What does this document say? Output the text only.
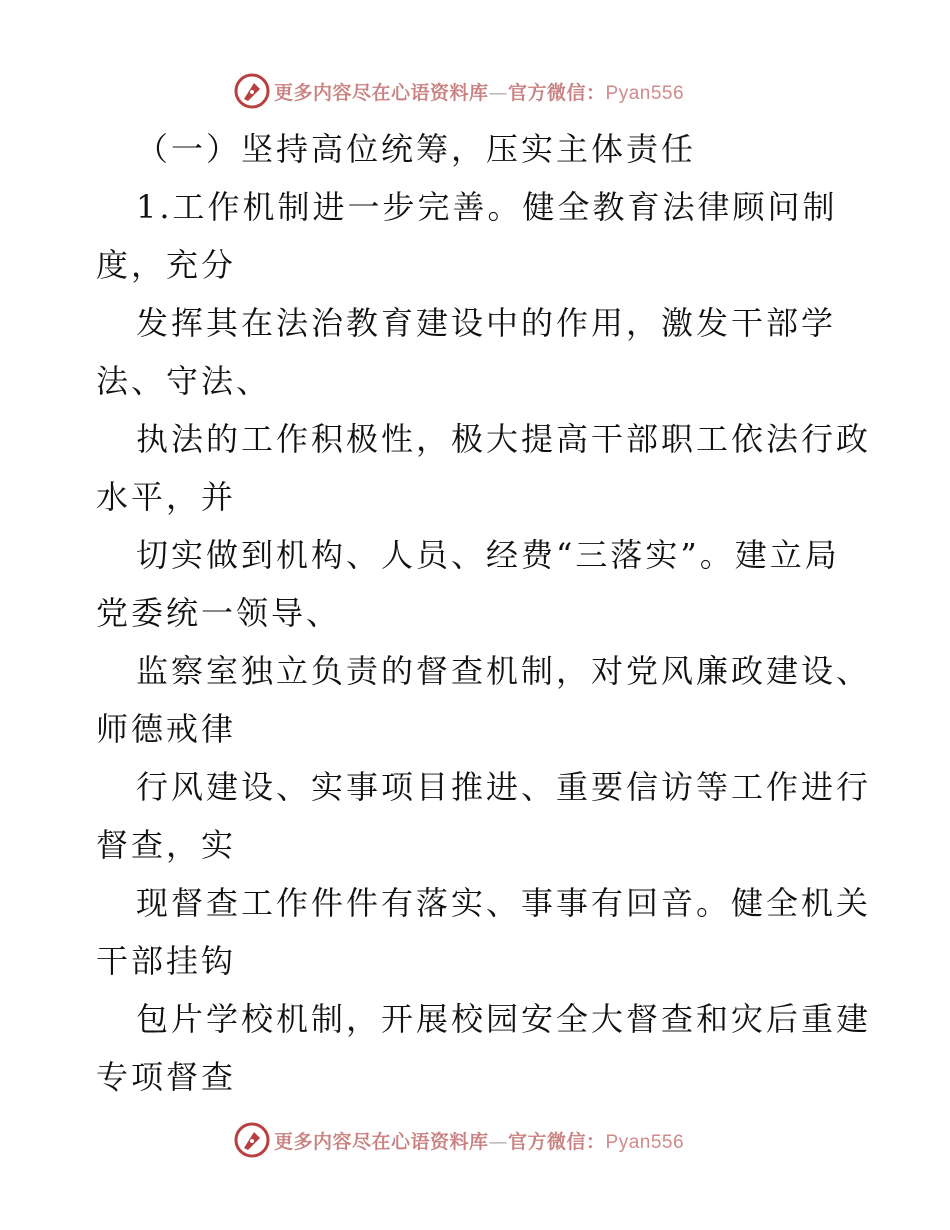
更多内容尽在心语资料库—官方微信：Pyan556
（一）坚持高位统筹，压实主体责任
1.工作机制进一步完善。健全教育法律顾问制
度，充分
发挥其在法治教育建设中的作用，激发干部学
法、守法、
执法的工作积极性，极大提高干部职工依法行政
水平，并
切实做到机构、人员、经费“三落实”。建立局
党委统一领导、
监察室独立负责的督查机制，对党风廉政建设、
师德戒律
行风建设、实事项目推进、重要信访等工作进行
督查，实
现督查工作件件有落实、事事有回音。健全机关
干部挂钩
包片学校机制，开展校园安全大督查和灾后重建
专项督查
更多内容尽在心语资料库—官方微信：Pyan556
